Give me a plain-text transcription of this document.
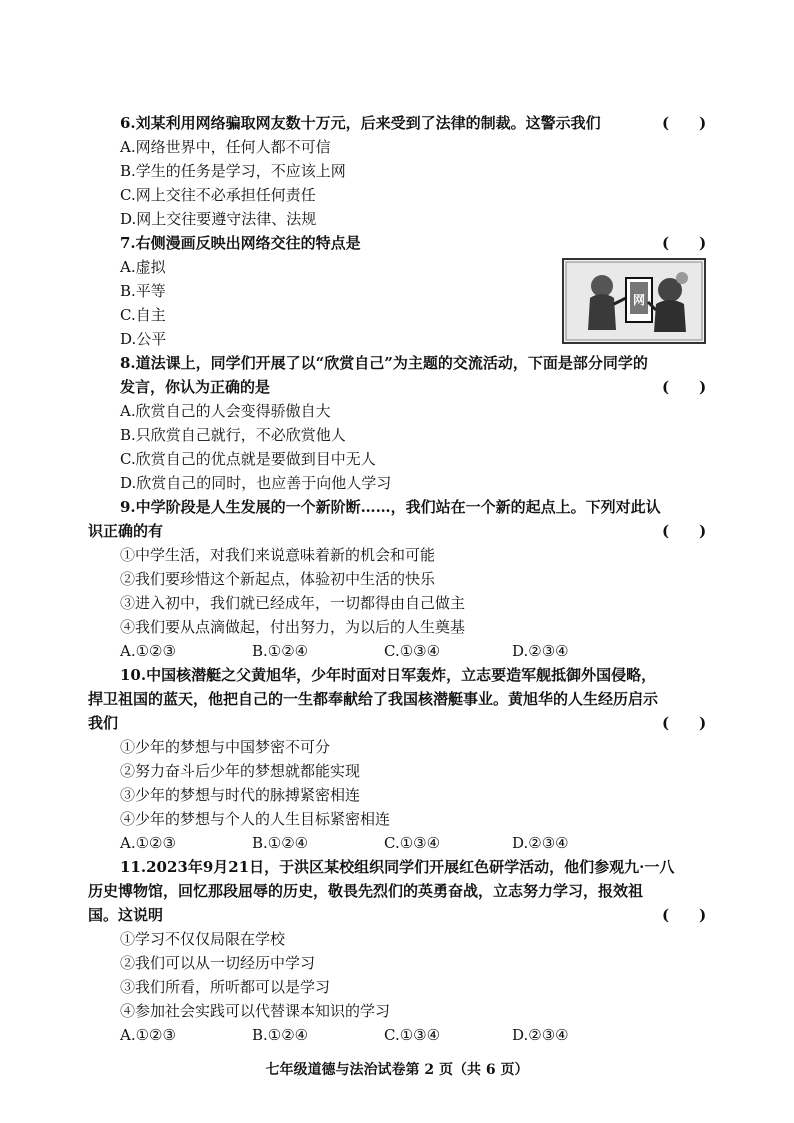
6.刘某利用网络骗取网友数十万元，后来受到了法律的制裁。这警示我们	(　　)
A.网络世界中，任何人都不可信
B.学生的任务是学习，不应该上网
C.网上交往不必承担任何责任
D.网上交往要遵守法律、法规
7.右侧漫画反映出网络交往的特点是	(　　)
A.虚拟
B.平等
C.自主
D.公平
网
8.道法课上，同学们开展了以“欣赏自己”为主题的交流活动，下面是部分同学的
发言，你认为正确的是	(　　)
A.欣赏自己的人会变得骄傲自大
B.只欣赏自己就行，不必欣赏他人
C.欣赏自己的优点就是要做到目中无人
D.欣赏自己的同时，也应善于向他人学习
9.中学阶段是人生发展的一个新阶断……，我们站在一个新的起点上。下列对此认
识正确的有	(　　)
①中学生活，对我们来说意味着新的机会和可能
②我们要珍惜这个新起点，体验初中生活的快乐
③进入初中，我们就已经成年，一切都得由自己做主
④我们要从点滴做起，付出努力，为以后的人生奠基
A.①②③	B.①②④	C.①③④	D.②③④
10.中国核潜艇之父黄旭华，少年时面对日军轰炸，立志要造军舰抵御外国侵略，
捍卫祖国的蓝天，他把自己的一生都奉献给了我国核潜艇事业。黄旭华的人生经历启示
我们	(　　)
①少年的梦想与中国梦密不可分
②努力奋斗后少年的梦想就都能实现
③少年的梦想与时代的脉搏紧密相连
④少年的梦想与个人的人生目标紧密相连
A.①②③	B.①②④	C.①③④	D.②③④
11.2023年9月21日，于洪区某校组织同学们开展红色研学活动，他们参观九·一八
历史博物馆，回忆那段屈辱的历史，敬畏先烈们的英勇奋战，立志努力学习，报效祖
国。这说明	(　　)
①学习不仅仅局限在学校
②我们可以从一切经历中学习
③我们所看，所听都可以是学习
④参加社会实践可以代替课本知识的学习
A.①②③	B.①②④	C.①③④	D.②③④
七年级道德与法治试卷第 2 页（共 6 页）
